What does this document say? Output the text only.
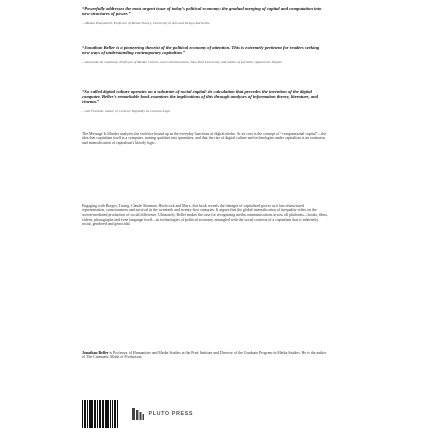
“Powerfully addresses the most urgent issue of today’s political economy: the gradual merging of capital and computation into new structures of power.”

—Matteo Pasquinelli, Professor of Media Theory, University of Arts and Design Karlsruhe

“Jonathan Beller is a pioneering theorist of the political economy of attention. This is extremely pertinent for readers seeking new ways of understanding contemporary capitalism.”

—Alexander R. Galloway, Professor of Media, Culture, and Communication, New York University, and author of Laruelle: Against the Digital

“So-called digital culture operates on a substrate of racial capital: its calculation that precedes the invention of the digital computer. Beller's remarkable book examines the implications of this through analyses of information theory, literature, and cinema.”

—Seb Franklin, author of Control: Digitality as Cultural Logic

The Message Is Murder analyzes the violence bound up in the everyday functions of digital media. At its core is the concept of “computational capital”—the idea that capitalism itself is a computer, turning qualities into quantities, and that the rise of digital culture and technologies under capitalism is an extension and intensification of capitalism's bloody logic.

Engaging with Borges, Turing, Claude Shannon, Hitchcock and Marx, this book reveals the lineages of capitalized power as it has restructured representation, consciousness and survival in the twentieth and twenty-first centuries. It argues that the global intensification of inequality relies on the screen-mediated production of social difference. Ultimately, Beller makes the case for recognizing media communications across all platforms—books, films, videos, photographs and even language itself—as technologies of political economy, entangled with the social contexts of a capitalism that is inherently racial, gendered and genocidal.

Jonathan Beller is Professor of Humanities and Media Studies at the Pratt Institute and Director of the Graduate Program in Media Studies. He is the author of The Cinematic Mode of Production.

PLUTO PRESS
